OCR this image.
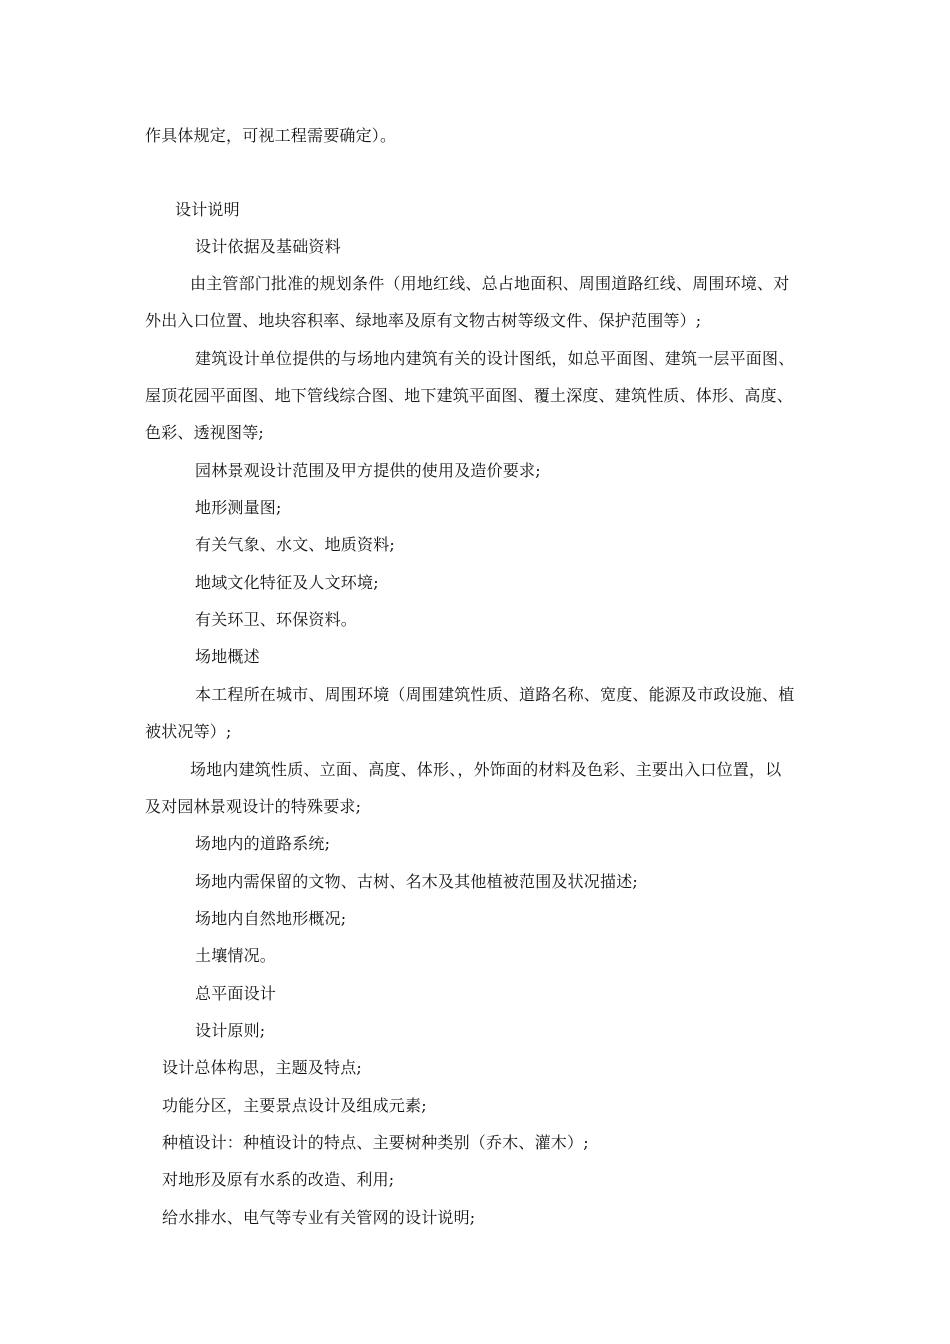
作具体规定，可视工程需要确定）。
设计说明
设计依据及基础资料
由主管部门批准的规划条件（用地红线、总占地面积、周围道路红线、周围环境、对
外出入口位置、地块容积率、绿地率及原有文物古树等级文件、保护范围等）;
建筑设计单位提供的与场地内建筑有关的设计图纸，如总平面图、建筑一层平面图、
屋顶花园平面图、地下管线综合图、地下建筑平面图、覆土深度、建筑性质、体形、高度、
色彩、透视图等;
园林景观设计范围及甲方提供的使用及造价要求;
地形测量图;
有关气象、水文、地质资料;
地域文化特征及人文环境;
有关环卫、环保资料。
场地概述
本工程所在城市、周围环境（周围建筑性质、道路名称、宽度、能源及市政设施、植
被状况等）;
场地内建筑性质、立面、高度、体形、，外饰面的材料及色彩、主要出入口位置，以
及对园林景观设计的特殊要求;
场地内的道路系统;
场地内需保留的文物、古树、名木及其他植被范围及状况描述;
场地内自然地形概况;
土壤情况。
总平面设计
设计原则;
设计总体构思，主题及特点;
功能分区，主要景点设计及组成元素;
种植设计：种植设计的特点、主要树种类别（乔木、灌木）;
对地形及原有水系的改造、利用;
给水排水、电气等专业有关管网的设计说明;
